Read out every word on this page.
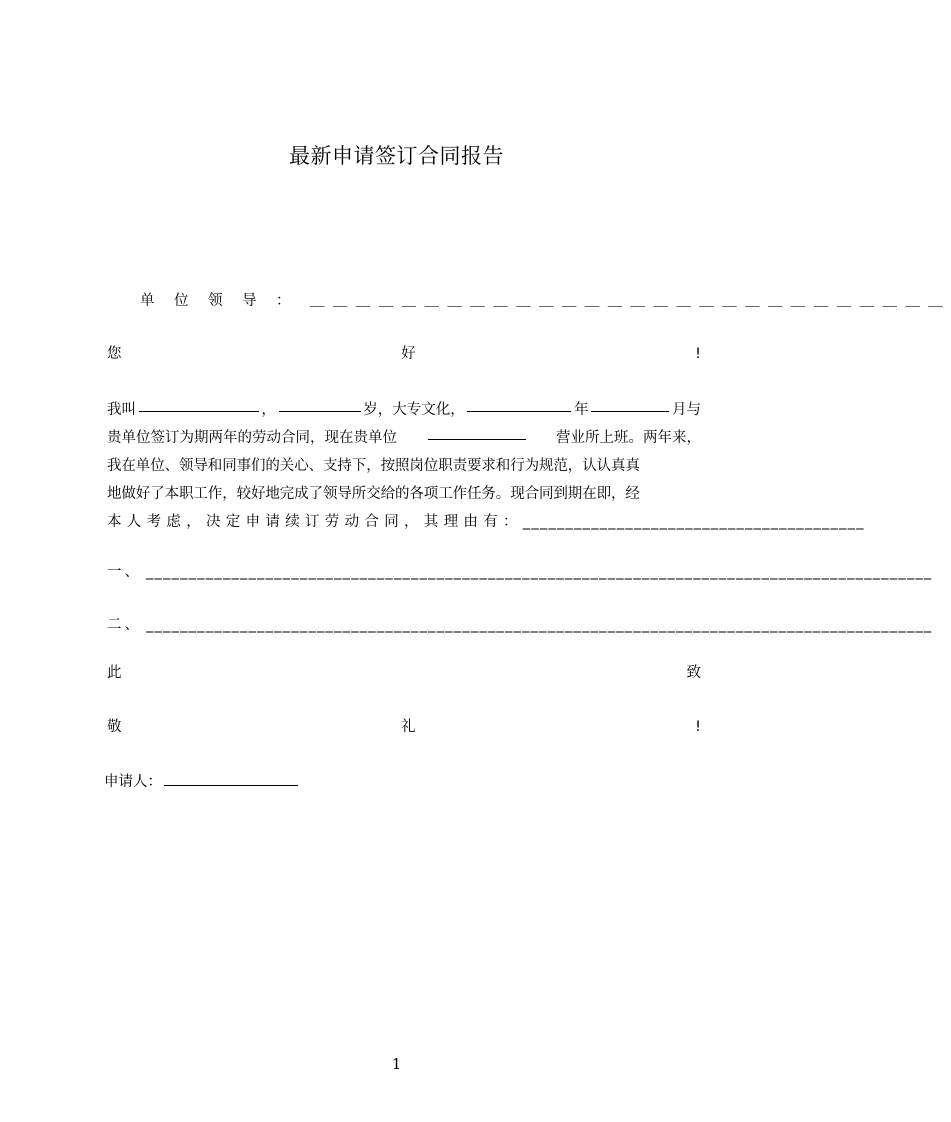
最新申请签订合同报告
单位领导： ＿＿＿＿＿＿＿＿＿＿＿＿＿＿＿＿＿＿＿＿＿＿＿＿＿＿＿＿
您	好	!
我叫	，	岁，大专文化，	年	月与
贵单位签订为期两年的劳动合同，现在贵单位	营业所上班。两年来，
我在单位、领导和同事们的关心、支持下，按照岗位职责要求和行为规范，认认真真
地做好了本职工作，较好地完成了领导所交给的各项工作任务。现合同到期在即，经
本人考虑，决定申请续订劳动合同，其理由有： ________________________________________
一、 ____________________________________________________________________________________________
二、 ____________________________________________________________________________________________
此	致
敬	礼	!
申请人：
1
